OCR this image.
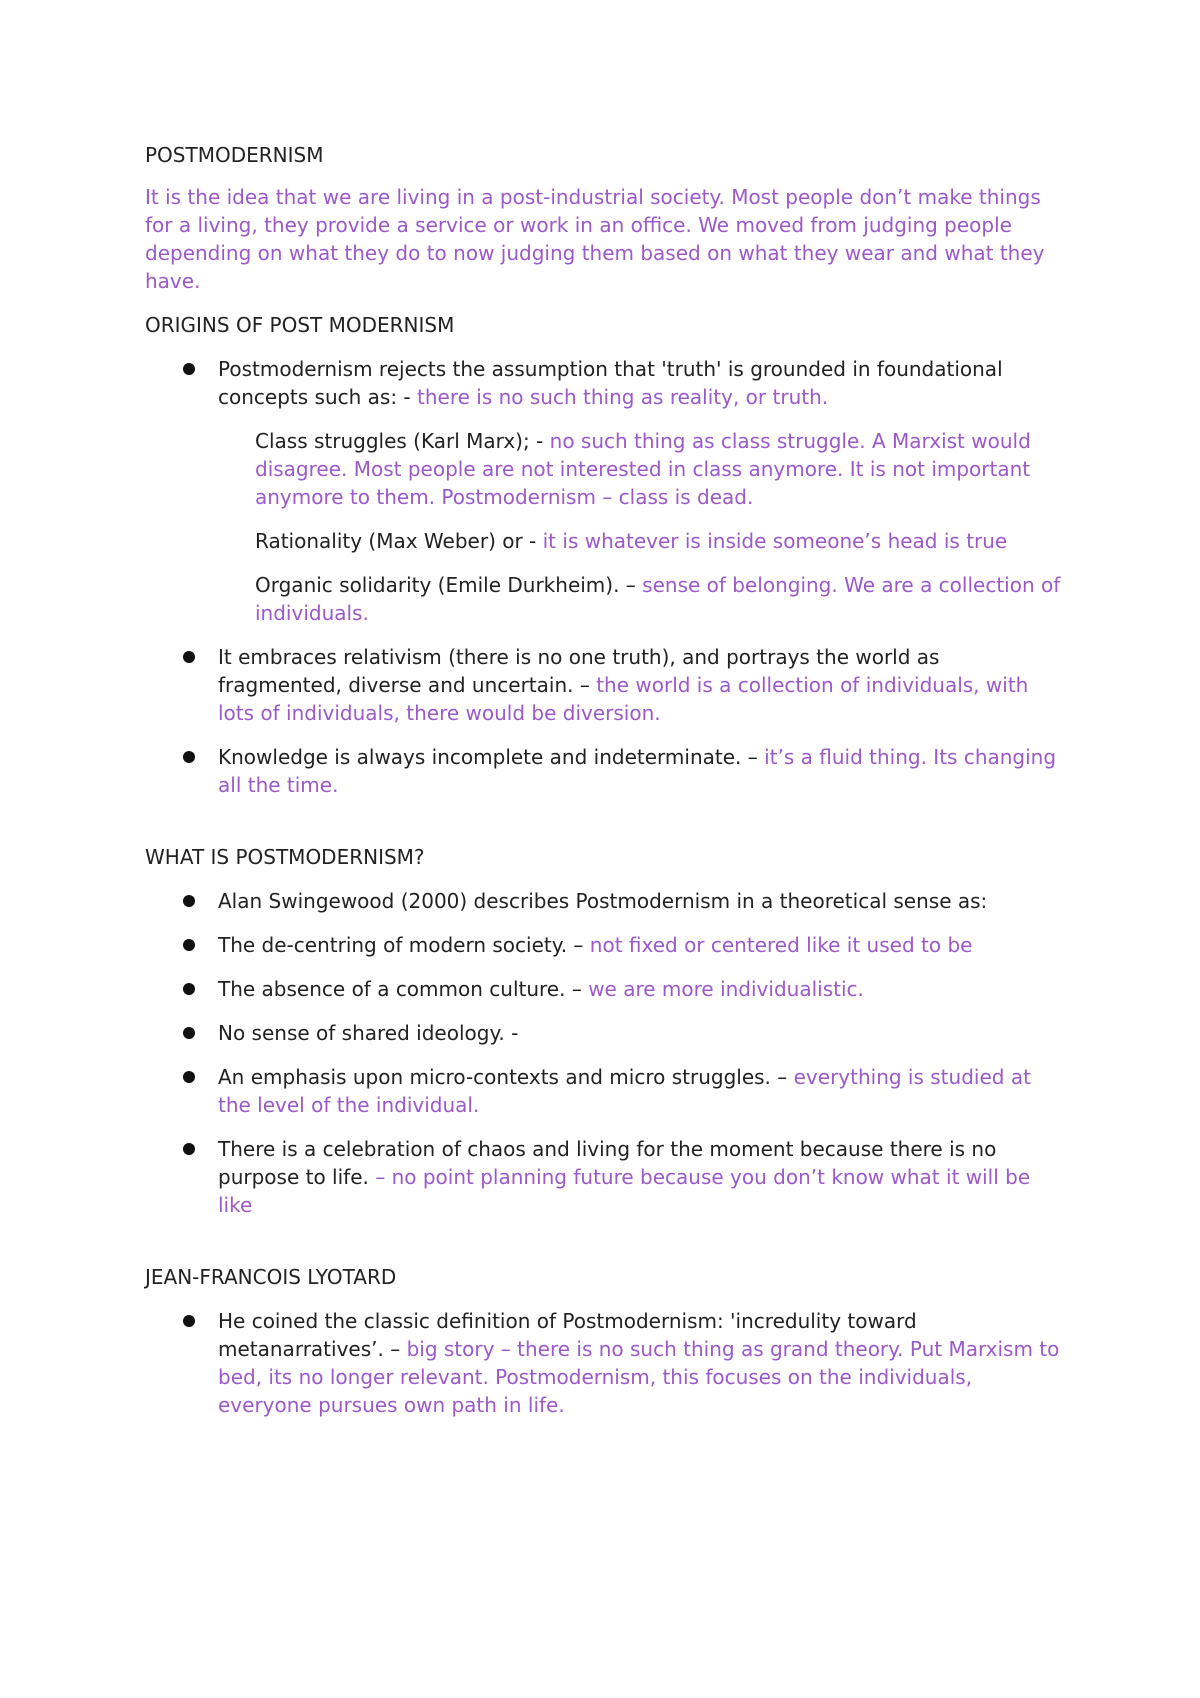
POSTMODERNISM

It is the idea that we are living in a post-industrial society. Most people don’t make things for a living, they provide a service or work in an office. We moved from judging people depending on what they do to now judging them based on what they wear and what they have.

ORIGINS OF POST MODERNISM

Postmodernism rejects the assumption that 'truth' is grounded in foundational concepts such as: - there is no such thing as reality, or truth.
Class struggles (Karl Marx); - no such thing as class struggle. A Marxist would disagree. Most people are not interested in class anymore. It is not important anymore to them. Postmodernism – class is dead.
Rationality (Max Weber) or - it is whatever is inside someone’s head is true
Organic solidarity (Emile Durkheim). – sense of belonging. We are a collection of individuals.
It embraces relativism (there is no one truth), and portrays the world as fragmented, diverse and uncertain. – the world is a collection of individuals, with lots of individuals, there would be diversion.
Knowledge is always incomplete and indeterminate. – it’s a fluid thing. Its changing all the time.

WHAT IS POSTMODERNISM?

Alan Swingewood (2000) describes Postmodernism in a theoretical sense as:
The de-centring of modern society. – not fixed or centered like it used to be
The absence of a common culture. – we are more individualistic.
No sense of shared ideology. -
An emphasis upon micro-contexts and micro struggles. – everything is studied at the level of the individual.
There is a celebration of chaos and living for the moment because there is no purpose to life. – no point planning future because you don’t know what it will be like

JEAN-FRANCOIS LYOTARD

He coined the classic definition of Postmodernism: 'incredulity toward metanarratives’. – big story – there is no such thing as grand theory. Put Marxism to bed, its no longer relevant. Postmodernism, this focuses on the individuals, everyone pursues own path in life.
